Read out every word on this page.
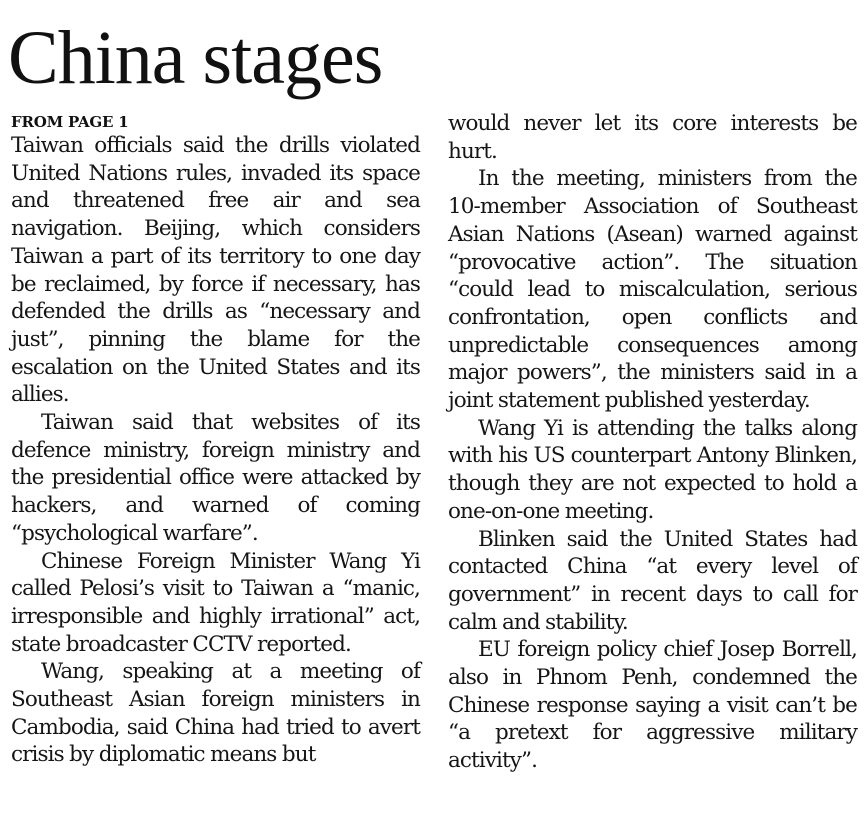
China stages

FROM PAGE 1

Taiwan officials said the drills violated United Nations rules, invaded its space and threatened free air and sea navigation. Beijing, which considers Taiwan a part of its territory to one day be reclaimed, by force if necessary, has defended the drills as “necessary and just”, pinning the blame for the escalation on the United States and its allies.

Taiwan said that websites of its defence ministry, foreign ministry and the presidential office were attacked by hackers, and warned of coming “psychological warfare”.

Chinese Foreign Minister Wang Yi called Pelosi’s visit to Taiwan a “manic, irresponsible and highly irrational” act, state broadcaster CCTV reported.

Wang, speaking at a meeting of Southeast Asian foreign ministers in Cambodia, said China had tried to avert crisis by diplomatic means but

would never let its core interests be hurt.

In the meeting, ministers from the 10-member Association of Southeast Asian Nations (Asean) warned against “provocative action”. The situation “could lead to miscalculation, serious confrontation, open conflicts and unpredictable consequences among major powers”, the ministers said in a joint statement published yesterday.

Wang Yi is attending the talks along with his US counterpart Antony Blinken, though they are not expected to hold a one-on-one meeting.

Blinken said the United States had contacted China “at every level of government” in recent days to call for calm and stability.

EU foreign policy chief Josep Borrell, also in Phnom Penh, condemned the Chinese response saying a visit can’t be “a pretext for aggressive military activity”.
